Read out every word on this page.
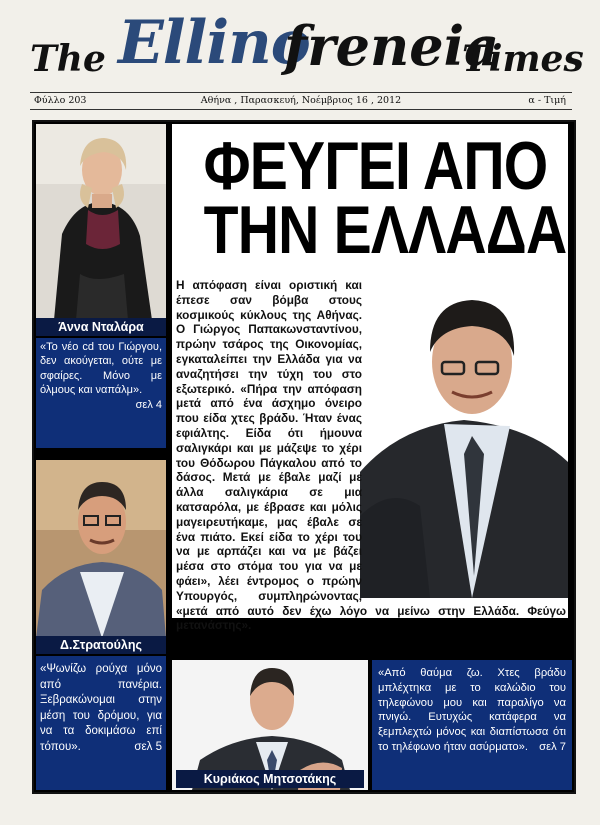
The Ellino
freneia
Times
Φύλλο 203	Αθήνα , Παρασκευή, Νοέμβριος 16 , 2012	α - Τιμή
Άννα Νταλάρα
«Το νέο cd του Γιώργου, δεν ακούγεται, ούτε με σφαίρες. Μόνο με όλμους και ναπάλμ».
σελ 4
Δ.Στρατούλης
«Ψωνίζω ρούχα μόνο από πανέρια. Ξεβρακώνομαι στην μέση του δρόμου, για να τα δοκιμάσω επί τόπου».	σελ 5
ΦΕΥΓΕΙ ΑΠΟ
ΤΗΝ ΕΛΛΑΔΑ
Η απόφαση είναι οριστική και έπεσε σαν βόμβα στους κοσμικούς κύκλους της Αθήνας. Ο Γιώργος Παπακωνσταντίνου, πρώην τσάρος της Οικονομίας, εγκαταλείπει την Ελλάδα για να αναζητήσει την τύχη του στο εξωτερικό. «Πήρα την απόφαση μετά από ένα άσχημο όνειρο που είδα χτες βράδυ. Ήταν ένας εφιάλτης. Είδα ότι ήμουνα σαλιγκάρι και με μάζεψε το χέρι του Θόδωρου Πάγκαλου από το δάσος. Μετά με έβαλε μαζί με άλλα σαλιγκάρια σε μια κατσαρόλα, με έβρασε και μόλις μαγειρευτήκαμε, μας έβαλε σε ένα πιάτο. Εκεί είδα το χέρι του να με αρπάζει και να με βάζει μέσα στο στόμα του για να με φάει», λέει έντρομος ο πρώην Υπουργός, συμπληρώνοντας, «μετά από αυτό δεν έχω λόγο να μείνω στην Ελλάδα. Φεύγω μετανάστης».
Κυριάκος Μητσοτάκης
«Από θαύμα ζω. Χτες βράδυ μπλέχτηκα με το καλώδιο του τηλεφώνου μου και παραλίγο να πνιγώ. Ευτυχώς κατάφερα να ξεμπλεχτώ μόνος και διαπίστωσα ότι το τηλέφωνο ήταν ασύρματο». σελ 7
